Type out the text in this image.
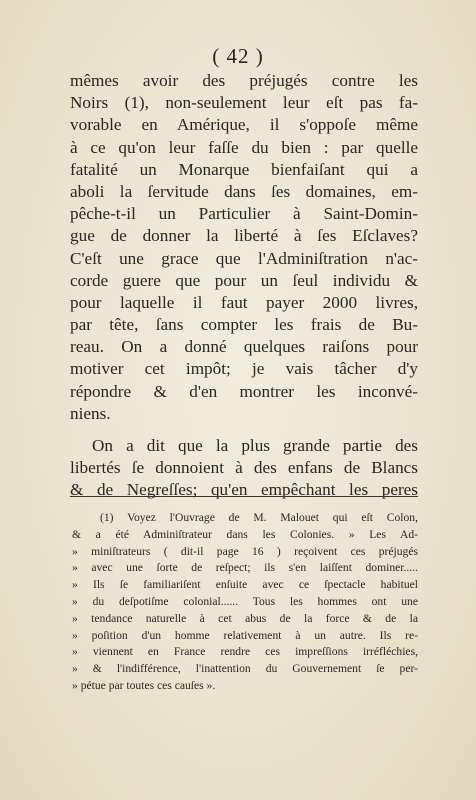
( 42 )
mêmes avoir des préjugés contre les
Noirs (1), non-seulement leur eſt pas fa-
vorable en Amérique, il s'oppoſe même
à ce qu'on leur faſſe du bien : par quelle
fatalité un Monarque bienfaiſant qui a
aboli la ſervitude dans ſes domaines, em-
pêche-t-il un Particulier à Saint-Domin-
gue de donner la liberté à ſes Eſclaves?
C'eſt une grace que l'Adminiſtration n'ac-
corde guere que pour un ſeul individu &
pour laquelle il faut payer 2000 livres,
par tête, ſans compter les frais de Bu-
reau. On a donné quelques raiſons pour
motiver cet impôt; je vais tâcher d'y
répondre & d'en montrer les inconvé-
niens.
On a dit que la plus grande partie des
libertés ſe donnoient à des enfans de Blancs
& de Negreſſes; qu'en empêchant les peres
(1) Voyez l'Ouvrage de M. Malouet qui eſt Colon,
& a été Adminiſtrateur dans les Colonies. » Les Ad-
» miniſtrateurs ( dit-il page 16 ) reçoivent ces préjugés
» avec une ſorte de reſpect; ils s'en laiſſent dominer.....
» Ils ſe familiariſent enſuite avec ce ſpectacle habituel
» du deſpotiſme colonial...... Tous les hommes ont une
» tendance naturelle à cet abus de la force & de la
» poſition d'un homme relativement à un autre. Ils re-
» viennent en France rendre ces impreſſions irréfléchies,
» & l'indifférence, l'inattention du Gouvernement ſe per-
» pétue par toutes ces cauſes ».
